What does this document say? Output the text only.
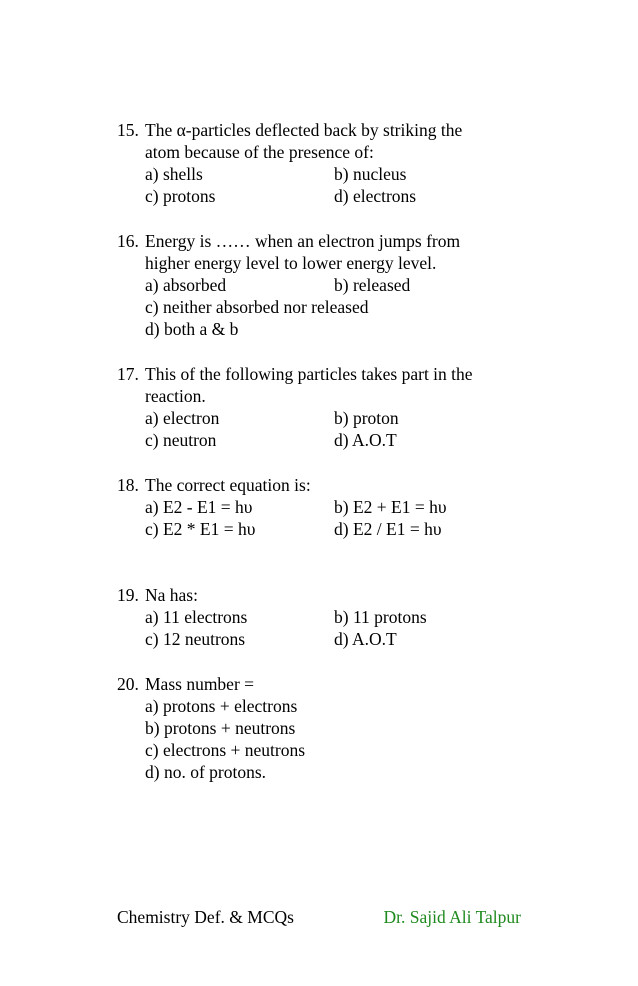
15. The α-particles deflected back by striking the
atom because of the presence of:
a) shells	b) nucleus
c) protons	d) electrons
16. Energy is …… when an electron jumps from
higher energy level to lower energy level.
a) absorbed	b) released
c) neither absorbed nor released
d) both a & b
17. This of the following particles takes part in the
reaction.
a) electron	b) proton
c) neutron	d) A.O.T
18. The correct equation is:
a) E2 - E1 = hυ	b) E2 + E1 = hυ
c) E2 * E1 = hυ	d) E2 / E1 = hυ
19. Na has:
a) 11 electrons	b) 11 protons
c) 12 neutrons	d) A.O.T
20. Mass number =
a) protons + electrons
b) protons + neutrons
c) electrons + neutrons
d) no. of protons.
Chemistry Def. & MCQs	Dr. Sajid Ali Talpur
